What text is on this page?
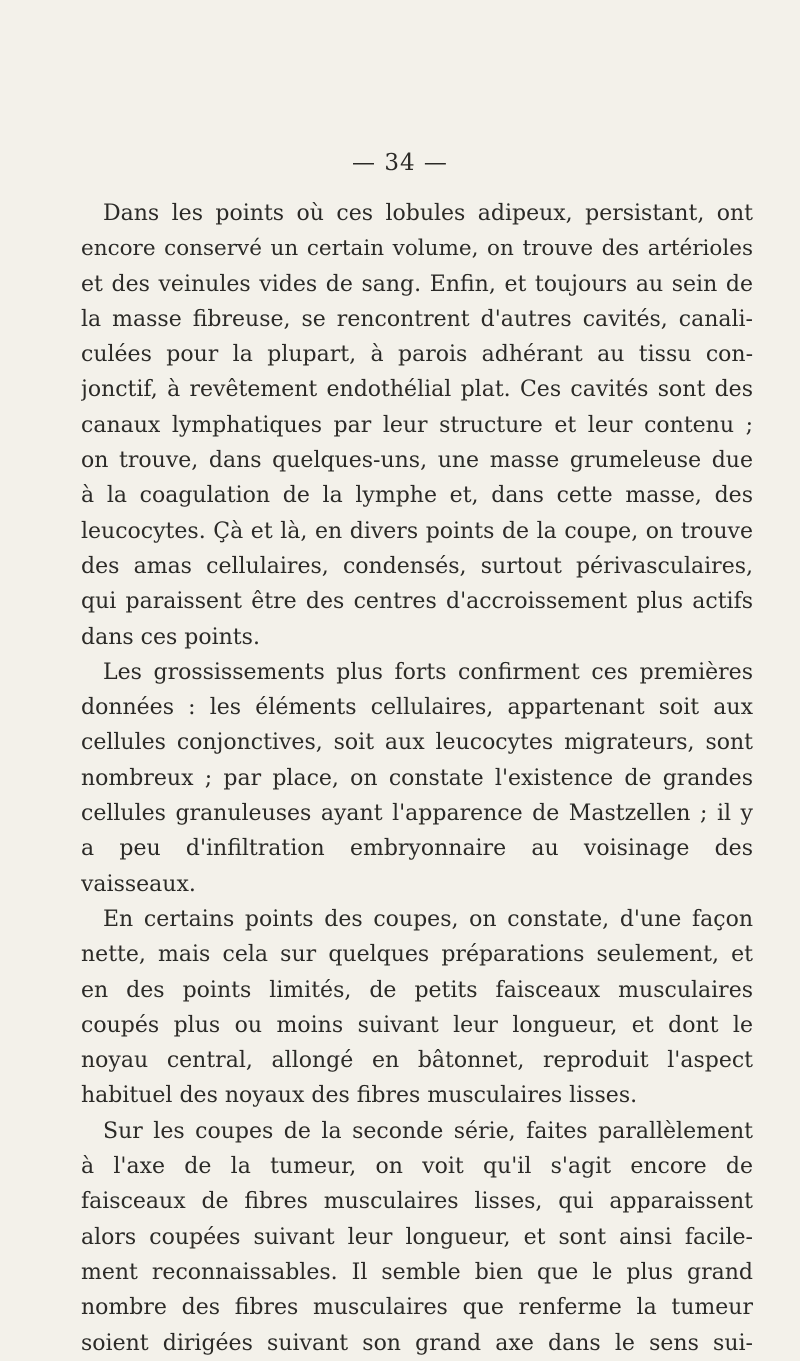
— 34 —
Dans les points où ces lobules adipeux, persistant, ont
encore conservé un certain volume, on trouve des artérioles
et des veinules vides de sang. Enfin, et toujours au sein de
la masse fibreuse, se rencontrent d'autres cavités, canali-
culées pour la plupart, à parois adhérant au tissu con-
jonctif, à revêtement endothélial plat. Ces cavités sont des
canaux lymphatiques par leur structure et leur contenu ;
on trouve, dans quelques-uns, une masse grumeleuse due
à la coagulation de la lymphe et, dans cette masse, des
leucocytes. Çà et là, en divers points de la coupe, on trouve
des amas cellulaires, condensés, surtout périvasculaires,
qui paraissent être des centres d'accroissement plus actifs
dans ces points.
Les grossissements plus forts confirment ces premières
données : les éléments cellulaires, appartenant soit aux
cellules conjonctives, soit aux leucocytes migrateurs, sont
nombreux ; par place, on constate l'existence de grandes
cellules granuleuses ayant l'apparence de Mastzellen ; il y
a peu d'infiltration embryonnaire au voisinage des
vaisseaux.
En certains points des coupes, on constate, d'une façon
nette, mais cela sur quelques préparations seulement, et
en des points limités, de petits faisceaux musculaires
coupés plus ou moins suivant leur longueur, et dont le
noyau central, allongé en bâtonnet, reproduit l'aspect
habituel des noyaux des fibres musculaires lisses.
Sur les coupes de la seconde série, faites parallèlement
à l'axe de la tumeur, on voit qu'il s'agit encore de
faisceaux de fibres musculaires lisses, qui apparaissent
alors coupées suivant leur longueur, et sont ainsi facile-
ment reconnaissables. Il semble bien que le plus grand
nombre des fibres musculaires que renferme la tumeur
soient dirigées suivant son grand axe dans le sens sui-
